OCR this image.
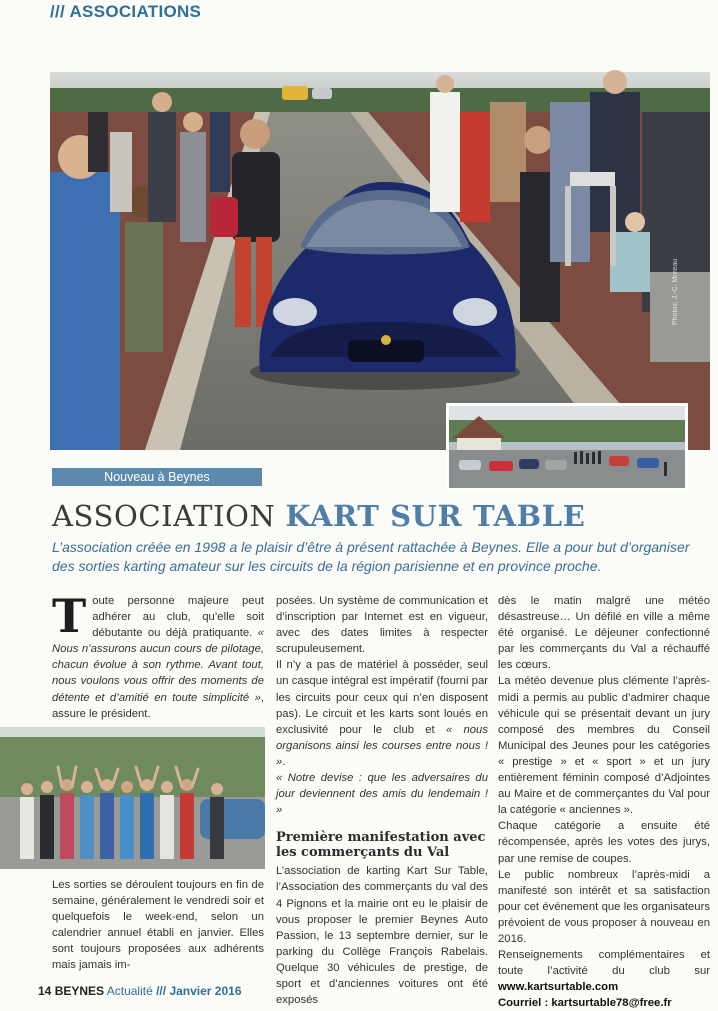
/// ASSOCIATIONS
Photos: J.-C. Moreau
Nouveau à Beynes
ASSOCIATION KART SUR TABLE

L’association créée en 1998 a le plaisir d’être à présent rattachée à Beynes. Elle a pour but d’organiser des sorties karting amateur sur les circuits de la région parisienne et en province proche.

Toute personne majeure peut adhérer au club, qu’elle soit débutante ou déjà pratiquante. « Nous n’assurons aucun cours de pilotage, chacun évolue à son rythme. Avant tout, nous voulons vous offrir des moments de détente et d’amitié en toute simplicité », assure le président.

Les sorties se déroulent toujours en fin de semaine, généralement le vendredi soir et quelquefois le week-end, selon un calendrier annuel établi en janvier. Elles sont toujours proposées aux adhérents mais jamais im-

posées. Un système de communication et d’inscription par Internet est en vigueur, avec des dates limites à respecter scrupuleusement.

Il n’y a pas de matériel à posséder, seul un casque intégral est impératif (fourni par les circuits pour ceux qui n’en disposent pas). Le circuit et les karts sont loués en exclusivité pour le club et « nous organisons ainsi les courses entre nous ! ».

« Notre devise : que les adversaires du jour deviennent des amis du lendemain ! »

Première manifestation avec les commerçants du Val

L’association de karting Kart Sur Table, l’Association des commerçants du val des 4 Pignons et la mairie ont eu le plaisir de vous proposer le premier Beynes Auto Passion, le 13 septembre dernier, sur le parking du Collège François Rabelais. Quelque 30 véhicules de prestige, de sport et d’anciennes voitures ont été exposés

dès le matin malgré une météo désastreuse… Un défilé en ville a même été organisé. Le déjeuner confectionné par les commerçants du Val a réchauffé les cœurs.

La météo devenue plus clémente l’après-midi a permis au public d’admirer chaque véhicule qui se présentait devant un jury composé des membres du Conseil Municipal des Jeunes pour les catégories « prestige » et « sport » et un jury entièrement féminin composé d’Adjointes au Maire et de commerçantes du Val pour la catégorie « anciennes ».

Chaque catégorie a ensuite été récompensée, après les votes des jurys, par une remise de coupes.

Le public nombreux l’après-midi a manifesté son intérêt et sa satisfaction pour cet événement que les organisateurs prévoient de vous proposer à nouveau en 2016.

Renseignements complémentaires et toute l’activité du club sur www.kartsurtable.com

Courriel : kartsurtable78@free.fr

14 BEYNES Actualité /// Janvier 2016
